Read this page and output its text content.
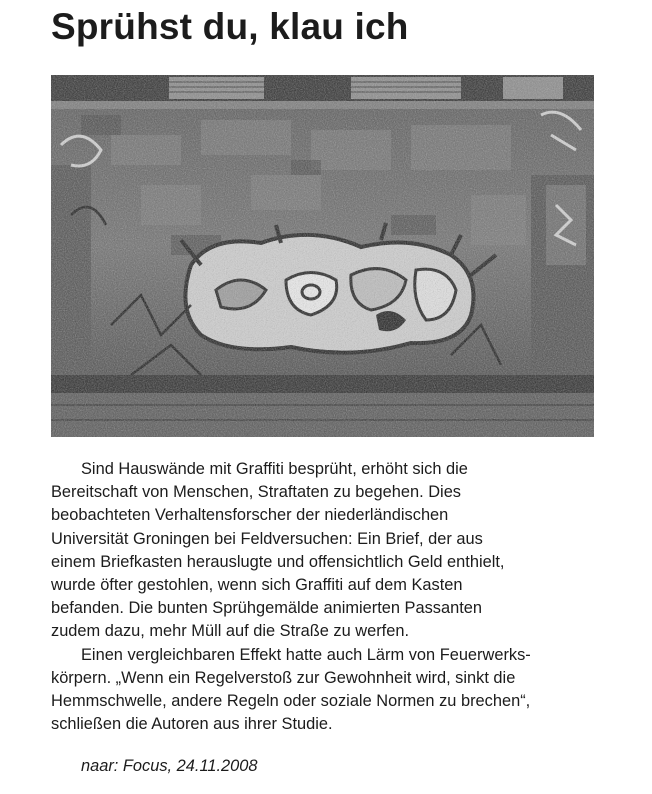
Sprühst du, klau ich

Sind Hauswände mit Graffiti besprüht, erhöht sich die
Bereitschaft von Menschen, Straftaten zu begehen. Dies
beobachteten Verhaltensforscher der niederländischen
Universität Groningen bei Feldversuchen: Ein Brief, der aus
einem Briefkasten herauslugte und offensichtlich Geld enthielt,
wurde öfter gestohlen, wenn sich Graffiti auf dem Kasten
befanden. Die bunten Sprühgemälde animierten Passanten
zudem dazu, mehr Müll auf die Straße zu werfen.

Einen vergleichbaren Effekt hatte auch Lärm von Feuerwerks-
körpern. „Wenn ein Regelverstoß zur Gewohnheit wird, sinkt die
Hemmschwelle, andere Regeln oder soziale Normen zu brechen“,
schließen die Autoren aus ihrer Studie.

naar: Focus, 24.11.2008
